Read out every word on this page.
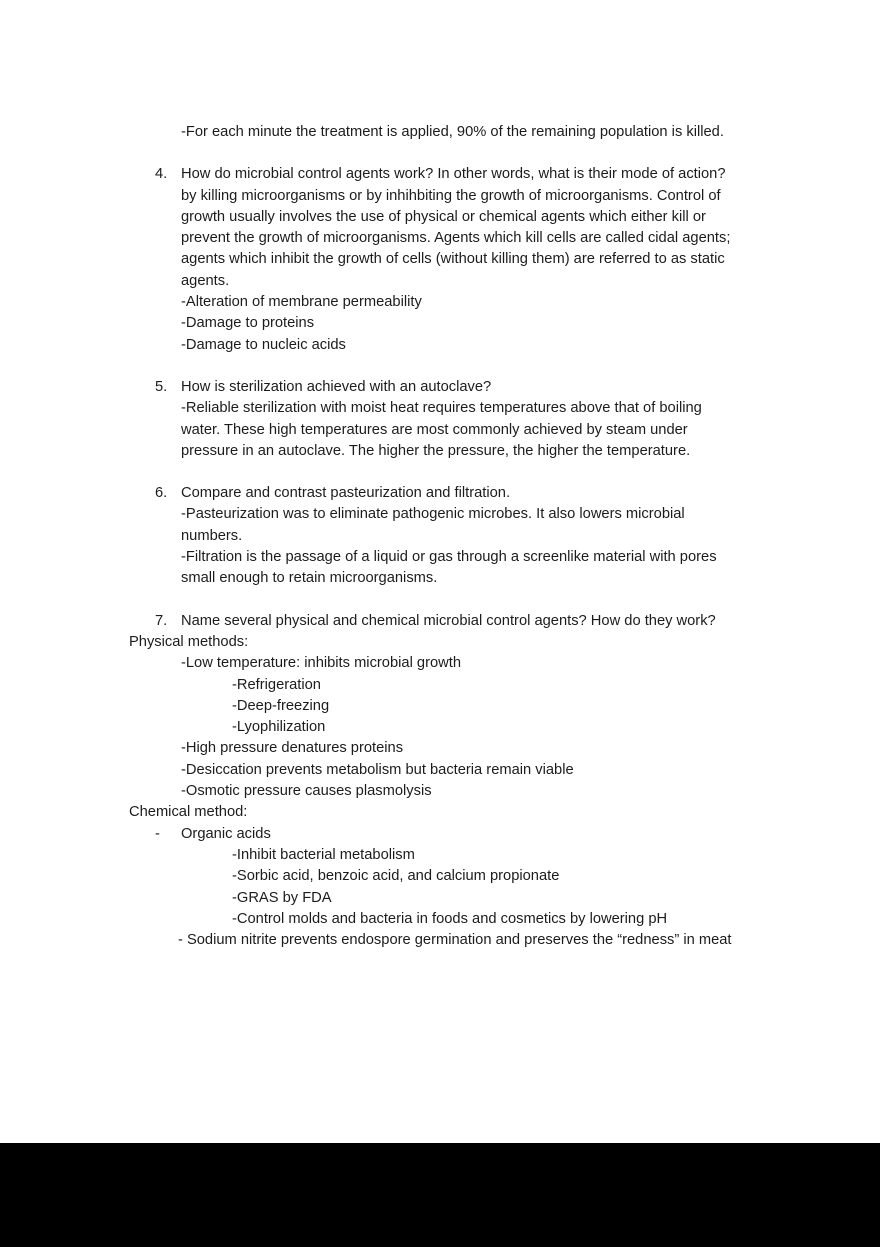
-For each minute the treatment is applied, 90% of the remaining population is killed.

4. How do microbial control agents work? In other words, what is their mode of action? by killing microorganisms or by inhihbiting the growth of microorganisms. Control of growth usually involves the use of physical or chemical agents which either kill or prevent the growth of microorganisms. Agents which kill cells are called cidal agents; agents which inhibit the growth of cells (without killing them) are referred to as static agents.
-Alteration of membrane permeability
-Damage to proteins
-Damage to nucleic acids
5. How is sterilization achieved with an autoclave?
-Reliable sterilization with moist heat requires temperatures above that of boiling water. These high temperatures are most commonly achieved by steam under pressure in an autoclave. The higher the pressure, the higher the temperature.
6. Compare and contrast pasteurization and filtration.
-Pasteurization was to eliminate pathogenic microbes. It also lowers microbial numbers.
-Filtration is the passage of a liquid or gas through a screenlike material with pores small enough to retain microorganisms.
7. Name several physical and chemical microbial control agents? How do they work?

Physical methods:

-Low temperature: inhibits microbial growth

-Refrigeration

-Deep-freezing

-Lyophilization

-High pressure denatures proteins

-Desiccation prevents metabolism but bacteria remain viable

-Osmotic pressure causes plasmolysis

Chemical method:

- Organic acids

-Inhibit bacterial metabolism

-Sorbic acid, benzoic acid, and calcium propionate

-GRAS by FDA

-Control molds and bacteria in foods and cosmetics by lowering pH

- Sodium nitrite prevents endospore germination and preserves the “redness” in meat
